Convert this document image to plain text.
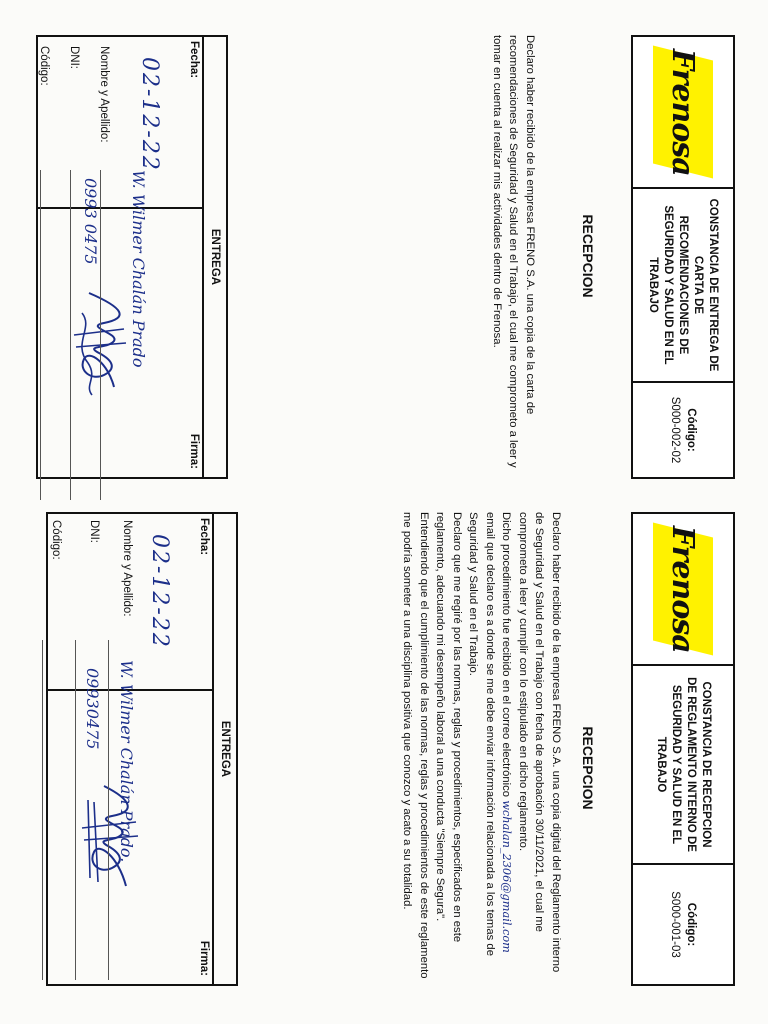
Frenosa
CONSTANCIA DE ENTREGA DE CARTA DE RECOMENDACIONES DE SEGURIDAD Y SALUD EN EL TRABAJO
Código:
S000-002-02
RECEPCION

Declaro haber recibido de la empresa FRENO S.A. una copia de la carta de recomendaciones de Seguridad y Salud en el Trabajo, el cual me comprometo a leer y tomar en cuenta al realizar mis actividades dentro de Frenosa.

ENTREGA
Fecha:
02-12-22
Firma:
Frenosa
CONSTANCIA DE RECEPCION DE REGLAMENTO INTERNO DE SEGURIDAD Y SALUD EN EL TRABAJO
Código:
S000-001-03
RECEPCION

Declaro haber recibido de la empresa FRENO S.A. una copia digital del Reglamento interno de Seguridad y Salud en el Trabajo con fecha de aprobación 30/11/2021, el cual me comprometo a leer y cumplir con lo estipulado en dicho reglamento.

Dicho procedimiento fue recibido en el correo electrónico wchalan_2306@gmail.com email que declaro es a donde se me debe enviar información relacionada a los temas de Seguridad y Salud en el Trabajo.

Declaro que me regiré por las normas, reglas y procedimientos, especificados en este reglamento, adecuando mi desempeño laboral a una conducta "Siempre Segura".

Entendiendo que el cumplimiento de las normas, reglas y procedimientos de este reglamento me podría someter a una disciplina positiva que conozco y acato a su totalidad.

ENTREGA
Fecha:
02-12-22
Firma:
Nombre y Apellido:
W. Wilmer Chalán Prado
DNI:
0993 0475
Código:
Nombre y Apellido:
W. Wilmer Chalán Prado.
DNI:
09930475
Código:
